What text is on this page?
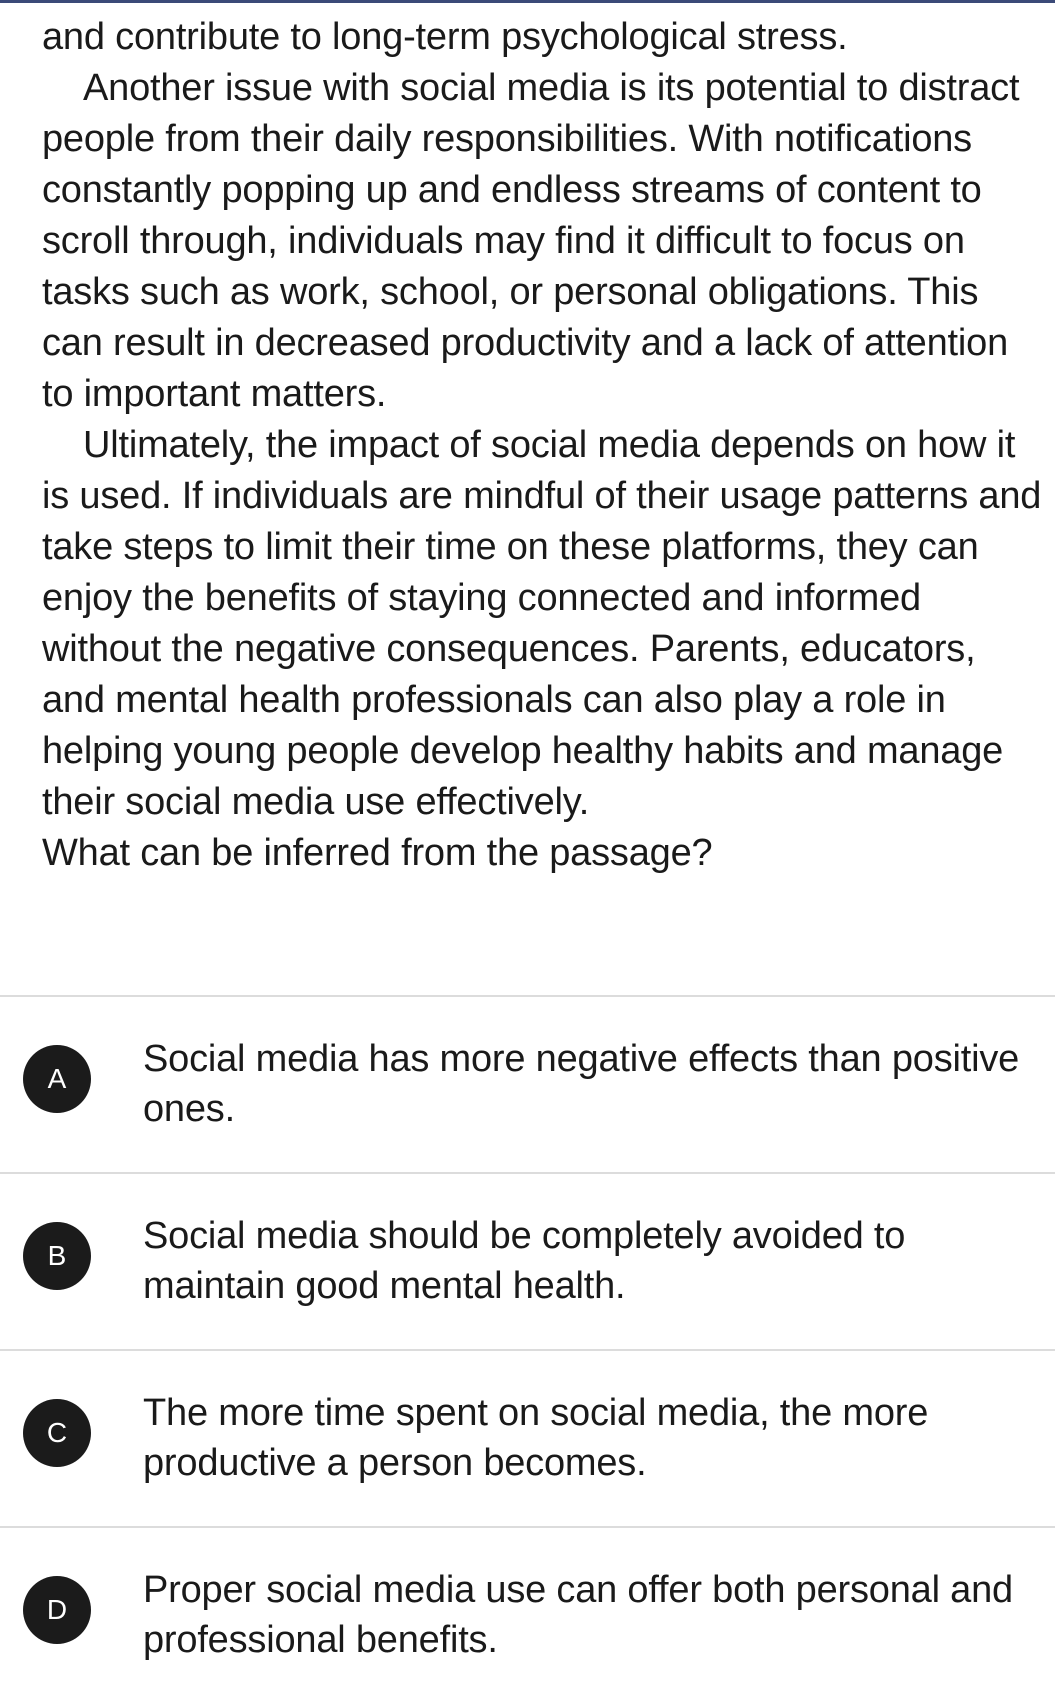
and contribute to long-term psychological stress.

Another issue with social media is its potential to distract people from their daily responsibilities. With notifications constantly popping up and endless streams of content to scroll through, individuals may find it difficult to focus on tasks such as work, school, or personal obligations. This can result in decreased productivity and a lack of attention to important matters.

Ultimately, the impact of social media depends on how it is used. If individuals are mindful of their usage patterns and take steps to limit their time on these platforms, they can enjoy the benefits of staying connected and informed without the negative consequences. Parents, educators, and mental health professionals can also play a role in helping young people develop healthy habits and manage their social media use effectively.

What can be inferred from the passage?

A	Social media has more negative effects than positive ones.
B	Social media should be completely avoided to maintain good mental health.
C	The more time spent on social media, the more productive a person becomes.
D	Proper social media use can offer both personal and professional benefits.
